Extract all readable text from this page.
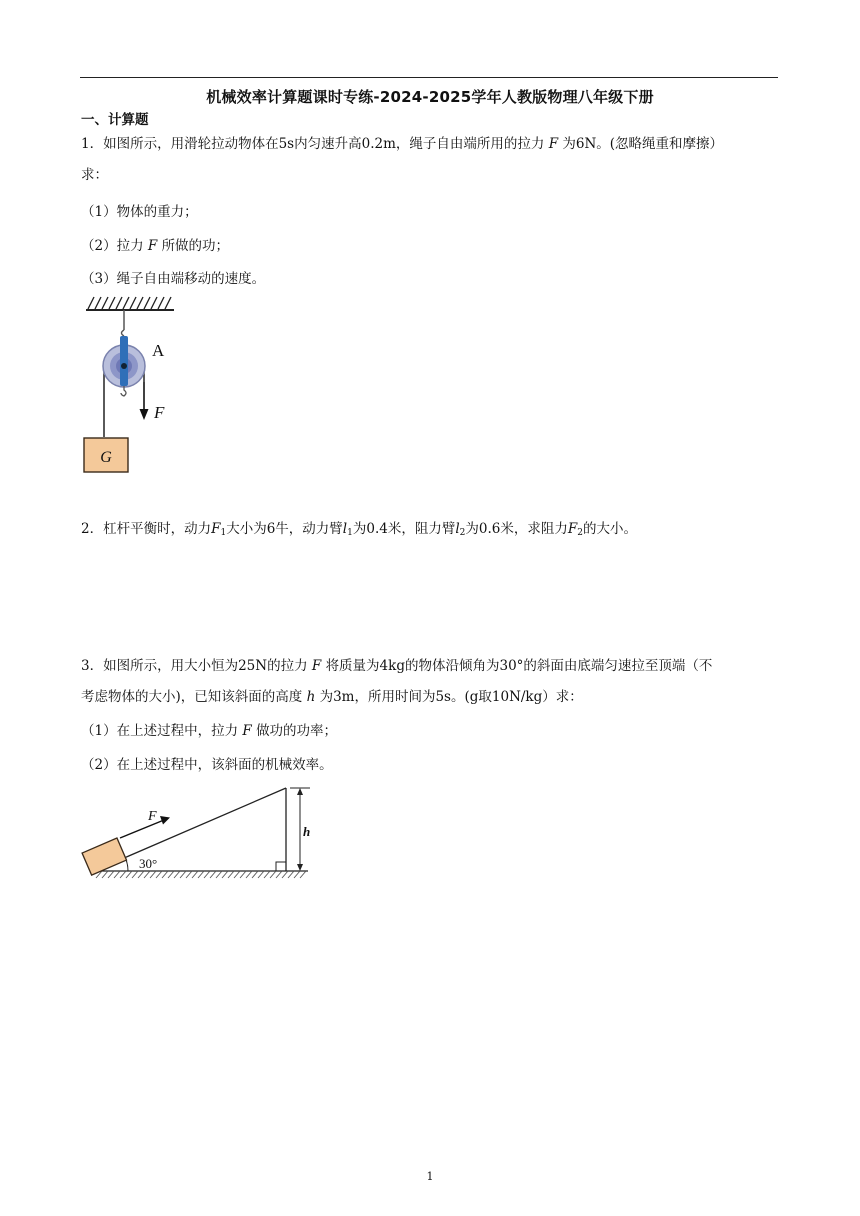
机械效率计算题课时专练-2024-2025学年人教版物理八年级下册
一、计算题
1．如图所示，用滑轮拉动物体在5s内匀速升高0.2m，绳子自由端所用的拉力 F 为6N。(忽略绳重和摩擦）
求：
（1）物体的重力；
（2）拉力 F 所做的功；
（3）绳子自由端移动的速度。
A
F
G
2．杠杆平衡时，动力$F_1$大小为6牛，动力臂$l_1$为0.4米，阻力臂$l_2$为0.6米，求阻力$F_2$的大小。
3．如图所示，用大小恒为25N的拉力 F 将质量为4kg的物体沿倾角为30°的斜面由底端匀速拉至顶端（不
考虑物体的大小)，已知该斜面的高度 h 为3m，所用时间为5s。(g取10N/kg）求：
（1）在上述过程中，拉力 F 做功的功率；
（2）在上述过程中，该斜面的机械效率。
h
30°
F
1
